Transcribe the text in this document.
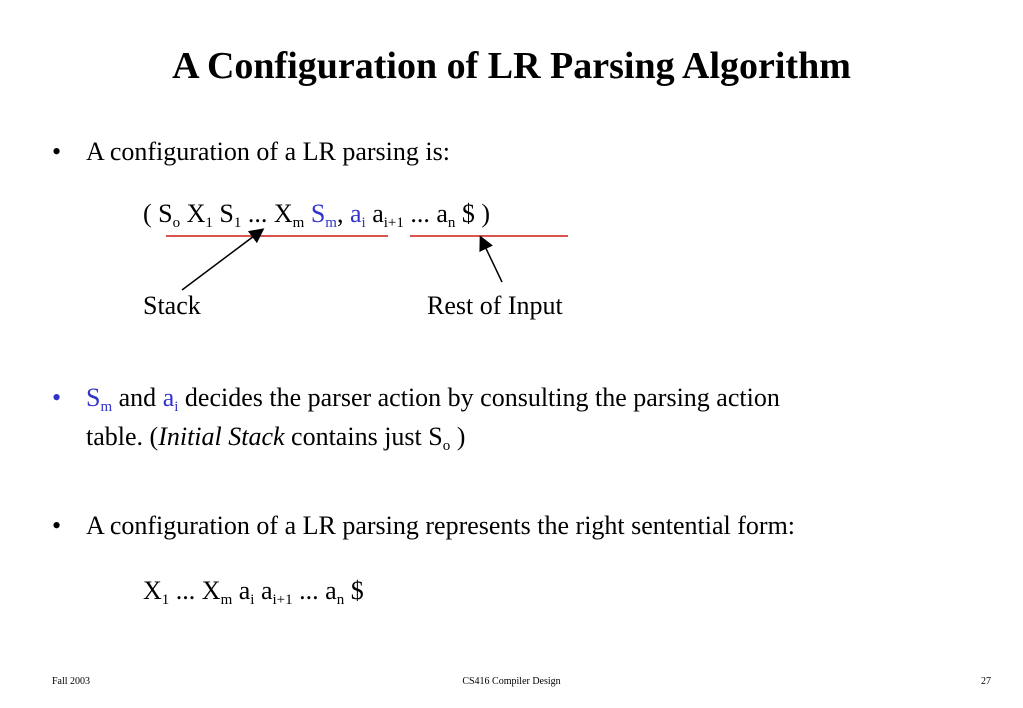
A Configuration of LR Parsing Algorithm
• A configuration of a LR parsing is:
( $S_o$ $X_1$ $S_1$ ... $X_m$ $S_m$, $a_i$ $a_{i+1}$ ... $a_n$ $ )
Stack	Rest of Input
• $S_m$ and $a_i$ decides the parser action by consulting the parsing action
table. (Initial Stack contains just $S_o$ )
• A configuration of a LR parsing represents the right sentential form:
$X_1$ ... $X_m$ $a_i$ $a_{i+1}$ ... $a_n$ $
Fall 2003	CS416 Compiler Design	27
